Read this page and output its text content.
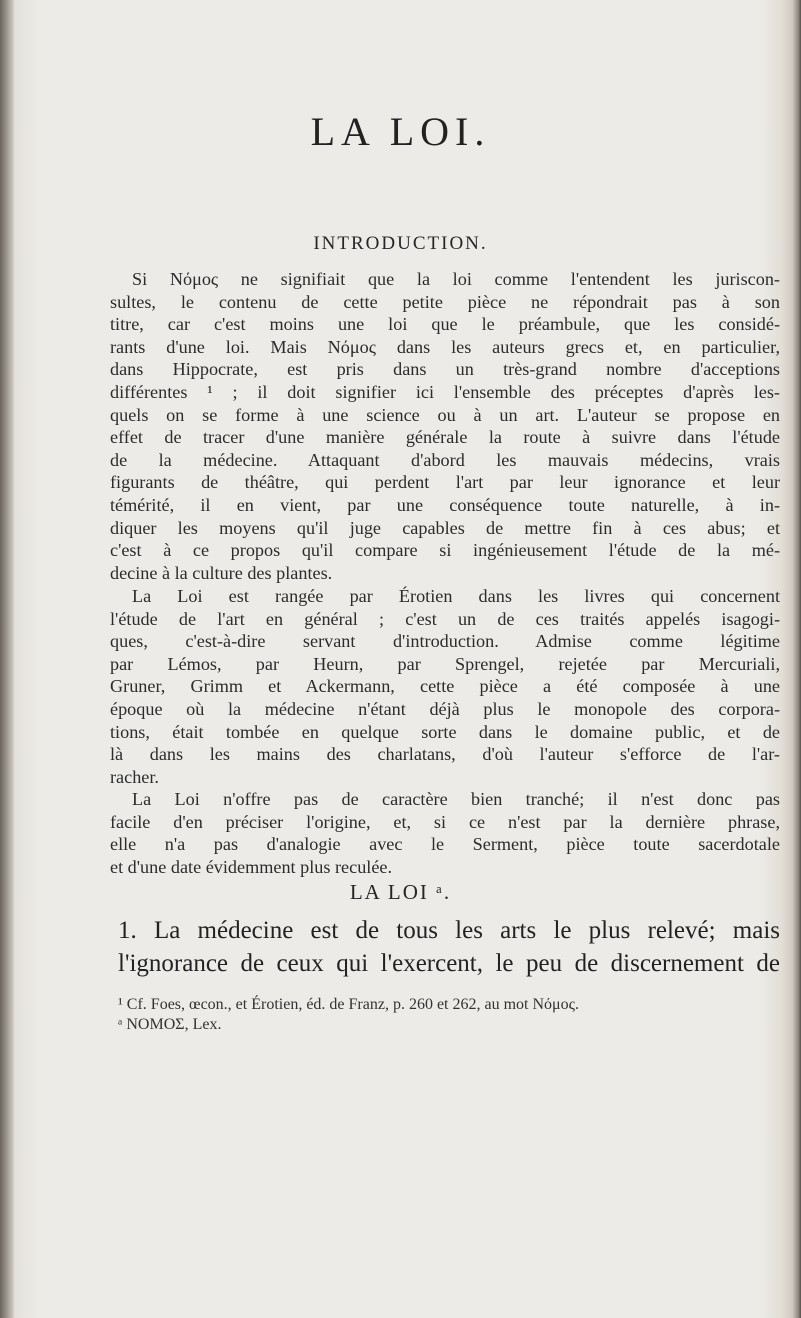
LA LOI.
INTRODUCTION.
Si Νόμος ne signifiait que la loi comme l'entendent les juriscon-
sultes, le contenu de cette petite pièce ne répondrait pas à son
titre, car c'est moins une loi que le préambule, que les considé-
rants d'une loi. Mais Νόμος dans les auteurs grecs et, en particulier,
dans Hippocrate, est pris dans un très-grand nombre d'acceptions
différentes ¹ ; il doit signifier ici l'ensemble des préceptes d'après les-
quels on se forme à une science ou à un art. L'auteur se propose en
effet de tracer d'une manière générale la route à suivre dans l'étude
de la médecine. Attaquant d'abord les mauvais médecins, vrais
figurants de théâtre, qui perdent l'art par leur ignorance et leur
témérité, il en vient, par une conséquence toute naturelle, à in-
diquer les moyens qu'il juge capables de mettre fin à ces abus; et
c'est à ce propos qu'il compare si ingénieusement l'étude de la mé-
decine à la culture des plantes.
La Loi est rangée par Érotien dans les livres qui concernent
l'étude de l'art en général ; c'est un de ces traités appelés isagogi-
ques, c'est-à-dire servant d'introduction. Admise comme légitime
par Lémos, par Heurn, par Sprengel, rejetée par Mercuriali,
Gruner, Grimm et Ackermann, cette pièce a été composée à une
époque où la médecine n'étant déjà plus le monopole des corpora-
tions, était tombée en quelque sorte dans le domaine public, et de
là dans les mains des charlatans, d'où l'auteur s'efforce de l'ar-
racher.
La Loi n'offre pas de caractère bien tranché; il n'est donc pas
facile d'en préciser l'origine, et, si ce n'est par la dernière phrase,
elle n'a pas d'analogie avec le Serment, pièce toute sacerdotale
et d'une date évidemment plus reculée.
LA LOI ᵃ.
1. La médecine est de tous les arts le plus relevé; mais
l'ignorance de ceux qui l'exercent, le peu de discernement de
¹ Cf. Foes, œcon., et Érotien, éd. de Franz, p. 260 et 262, au mot Νόμος.
ᵃ ΝΟΜΟΣ, Lex.
